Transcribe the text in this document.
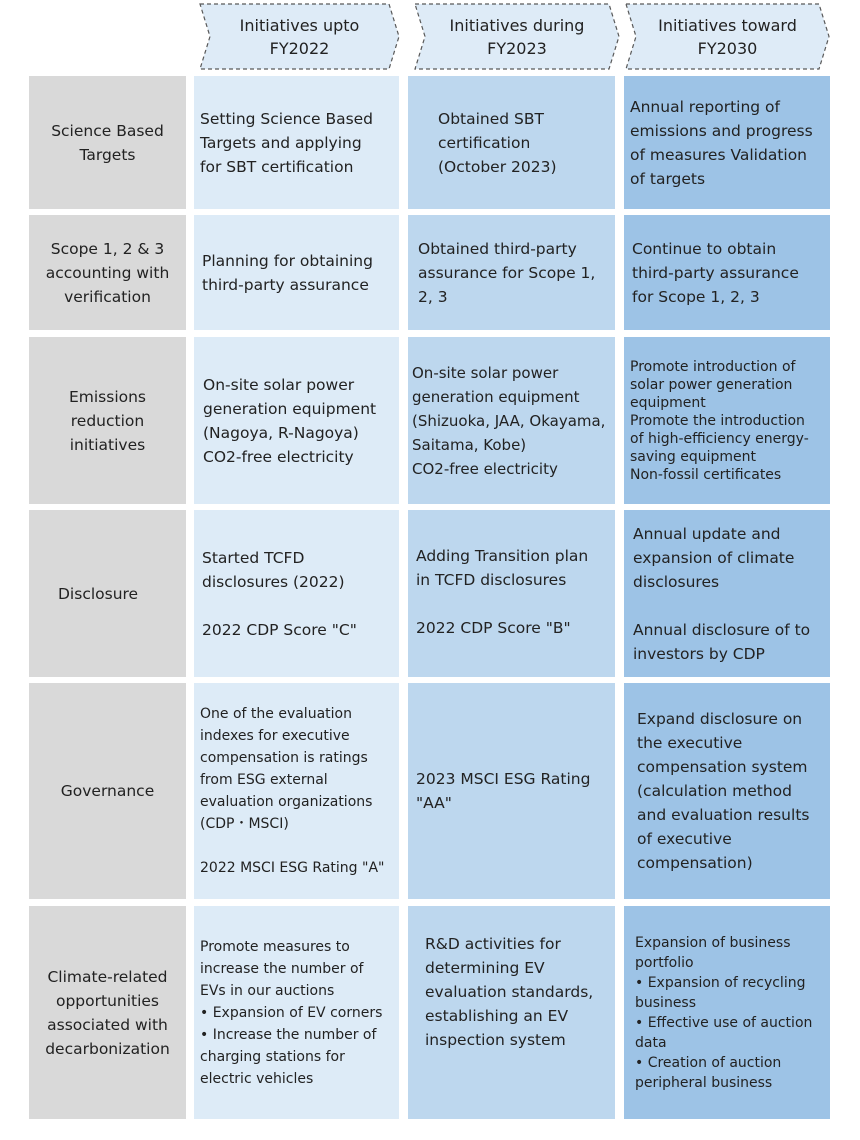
Initiatives upto
FY2022
Initiatives during
FY2023
Initiatives toward
FY2030
Science Based
Targets
Setting Science Based
Targets and applying
for SBT certification
Obtained SBT
certification
(October 2023)
Annual reporting of
emissions and progress
of measures Validation
of targets
Scope 1, 2 & 3
accounting with
verification
Planning for obtaining
third-party assurance
Obtained third-party
assurance for Scope 1,
2, 3
Continue to obtain
third-party assurance
for Scope 1, 2, 3
Emissions
reduction
initiatives
On-site solar power
generation equipment
(Nagoya, R-Nagoya)
CO2-free electricity
On-site solar power
generation equipment
(Shizuoka, JAA, Okayama,
Saitama, Kobe)
CO2-free electricity
Promote introduction of
solar power generation
equipment
Promote the introduction
of high-efficiency energy-
saving equipment
Non-fossil certificates
Disclosure
Started TCFD
disclosures (2022)

2022 CDP Score "C"
Adding Transition plan
in TCFD disclosures

2022 CDP Score "B"
Annual update and
expansion of climate
disclosures

Annual disclosure of to
investors by CDP
Governance
One of the evaluation
indexes for executive
compensation is ratings
from ESG external
evaluation organizations
(CDP・MSCI)

2022 MSCI ESG Rating "A"
2023 MSCI ESG Rating
"AA"
Expand disclosure on
the executive
compensation system
(calculation method
and evaluation results
of executive
compensation)
Climate-related
opportunities
associated with
decarbonization
Promote measures to
increase the number of
EVs in our auctions
• Expansion of EV corners
• Increase the number of
charging stations for
electric vehicles
R&D activities for
determining EV
evaluation standards,
establishing an EV
inspection system
Expansion of business
portfolio
• Expansion of recycling
business
• Effective use of auction
data
• Creation of auction
peripheral business
